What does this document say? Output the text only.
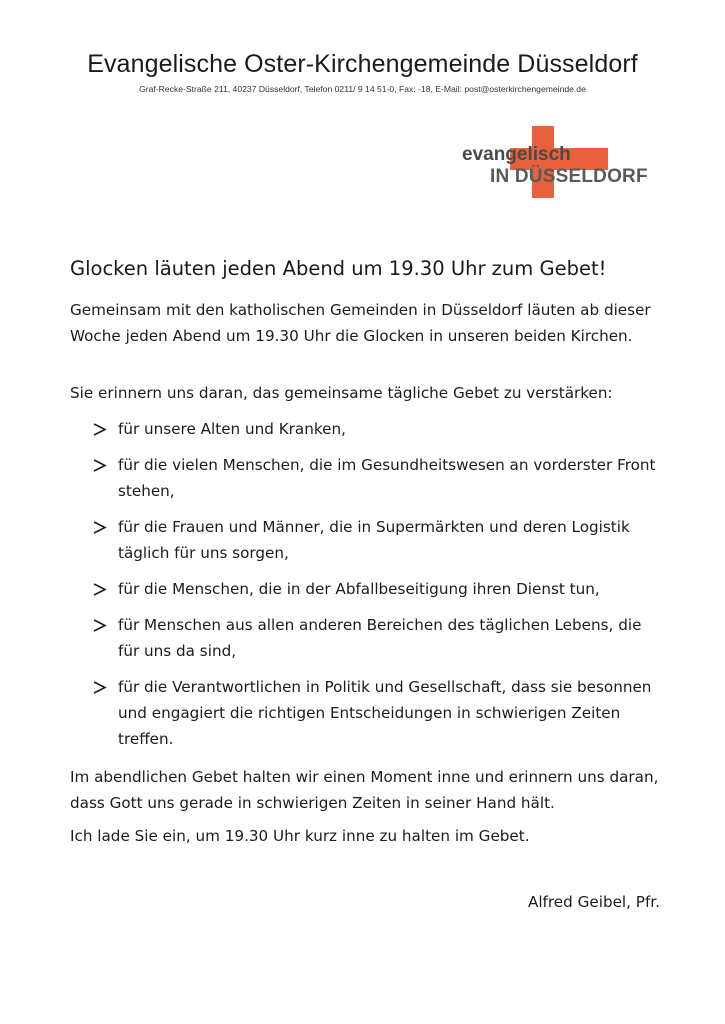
Evangelische Oster-Kirchengemeinde Düsseldorf
Graf-Recke-Straße 211, 40237 Düsseldorf, Telefon 0211/ 9 14 51-0, Fax: -18, E-Mail: post@osterkirchengemeinde.de
evangelisch
IN DÜSSELDORF
Glocken läuten jeden Abend um 19.30 Uhr zum Gebet!

Gemeinsam mit den katholischen Gemeinden in Düsseldorf läuten ab dieser Woche jeden Abend um 19.30 Uhr die Glocken in unseren beiden Kirchen.

Sie erinnern uns daran, das gemeinsame tägliche Gebet zu verstärken:

für unsere Alten und Kranken,
für die vielen Menschen, die im Gesundheitswesen an vorderster Front stehen,
für die Frauen und Männer, die in Supermärkten und deren Logistik täglich für uns sorgen,
für die Menschen, die in der Abfallbeseitigung ihren Dienst tun,
für Menschen aus allen anderen Bereichen des täglichen Lebens, die für uns da sind,
für die Verantwortlichen in Politik und Gesellschaft, dass sie besonnen und engagiert die richtigen Entscheidungen in schwierigen Zeiten treffen.

Im abendlichen Gebet halten wir einen Moment inne und erinnern uns daran, dass Gott uns gerade in schwierigen Zeiten in seiner Hand hält.

Ich lade Sie ein, um 19.30 Uhr kurz inne zu halten im Gebet.

Alfred Geibel, Pfr.
